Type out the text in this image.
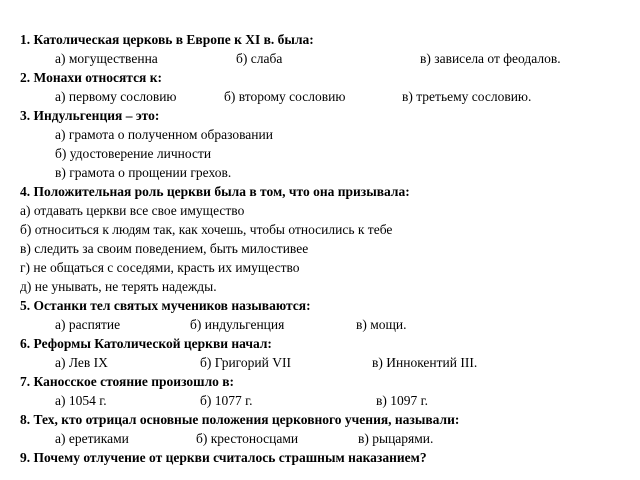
1. Католическая церковь в Европе к XI в. была:
а) могущественна	б) слаба	в) зависела от феодалов.
2. Монахи относятся к:
а) первому сословию	б) второму сословию	в) третьему сословию.
3. Индульгенция – это:
а) грамота о полученном образовании
б) удостоверение личности
в) грамота о прощении грехов.
4. Положительная роль церкви была в том, что она призывала:
а) отдавать церкви все свое имущество
б) относиться к людям так, как хочешь, чтобы относились к тебе
в) следить за своим поведением, быть милостивее
г) не общаться с соседями, красть их имущество
д) не унывать, не терять надежды.
5. Останки тел святых мучеников называются:
а) распятие	б) индульгенция	в) мощи.
6. Реформы Католической церкви начал:
а) Лев IX	б) Григорий VII	в) Иннокентий III.
7. Каносское стояние произошло в:
а) 1054 г.	б) 1077 г.	в) 1097 г.
8. Тех, кто отрицал основные положения церковного учения, называли:
а) еретиками	б) крестоносцами	в) рыцарями.
9. Почему отлучение от церкви считалось страшным наказанием?
